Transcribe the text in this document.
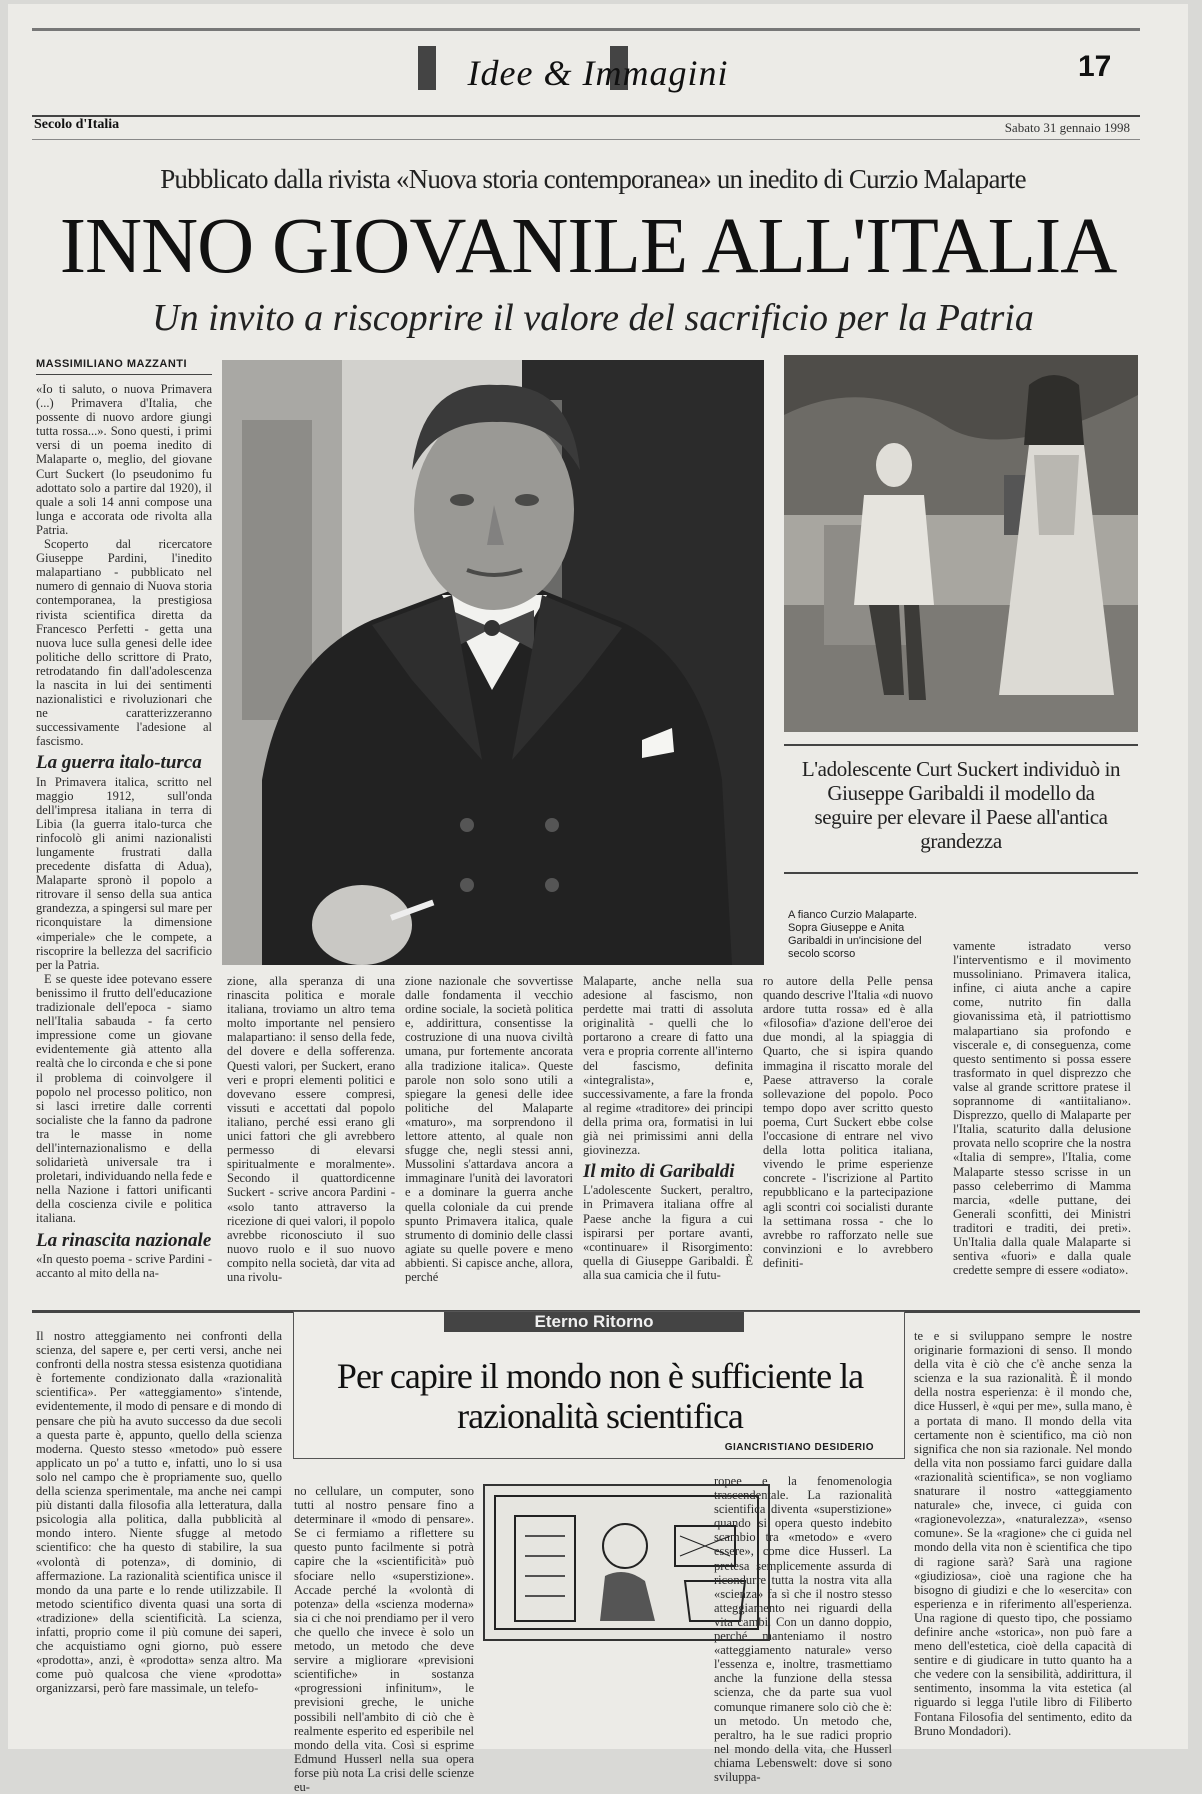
Idee & Immagini	17
Secolo d'Italia	Sabato 31 gennaio 1998
Pubblicato dalla rivista «Nuova storia contemporanea» un inedito di Curzio Malaparte
INNO GIOVANILE ALL'ITALIA
Un invito a riscoprire il valore del sacrificio per la Patria
MASSIMILIANO MAZZANTI

«Io ti saluto, o nuova Primavera (...) Primavera d'Italia, che possente di nuovo ardore giungi tutta rossa...». Sono questi, i primi versi di un poema inedito di Malaparte o, meglio, del giovane Curt Suckert (lo pseudonimo fu adottato solo a partire dal 1920), il quale a soli 14 anni compose una lunga e accorata ode rivolta alla Patria.

Scoperto dal ricercatore Giuseppe Pardini, l'inedito malapartiano - pubblicato nel numero di gennaio di Nuova storia contemporanea, la prestigiosa rivista scientifica diretta da Francesco Perfetti - getta una nuova luce sulla genesi delle idee politiche dello scrittore di Prato, retrodatando fin dall'adolescenza la nascita in lui dei sentimenti nazionalistici e rivoluzionari che ne caratterizzeranno successivamente l'adesione al fascismo.

La guerra italo-turca

In Primavera italica, scritto nel maggio 1912, sull'onda dell'impresa italiana in terra di Libia (la guerra italo-turca che rinfocolò gli animi nazionalisti lungamente frustrati dalla precedente disfatta di Adua), Malaparte spronò il popolo a ritrovare il senso della sua antica grandezza, a spingersi sul mare per riconquistare la dimensione «imperiale» che le compete, a riscoprire la bellezza del sacrificio per la Patria.

E se queste idee potevano essere benissimo il frutto dell'educazione tradizionale dell'epoca - siamo nell'Italia sabauda - fa certo impressione come un giovane evidentemente già attento alla realtà che lo circonda e che si pone il problema di coinvolgere il popolo nel processo politico, non si lasci irretire dalle correnti socialiste che la fanno da padrone tra le masse in nome dell'internazionalismo e della solidarietà universale tra i proletari, individuando nella fede e nella Nazione i fattori unificanti della coscienza civile e politica italiana.

La rinascita nazionale

«In questo poema - scrive Pardini - accanto al mito della na-

L'adolescente Curt Suckert individuò in Giuseppe Garibaldi il modello da seguire per elevare il Paese all'antica grandezza
A fianco Curzio Malaparte. Sopra Giuseppe e Anita Garibaldi in un'incisione del secolo scorso

zione, alla speranza di una rinascita politica e morale italiana, troviamo un altro tema molto importante nel pensiero malapartiano: il senso della fede, del dovere e della sofferenza. Questi valori, per Suckert, erano veri e propri elementi politici e dovevano essere compresi, vissuti e accettati dal popolo italiano, perché essi erano gli unici fattori che gli avrebbero permesso di elevarsi spiritualmente e moralmente». Secondo il quattordicenne Suckert - scrive ancora Pardini - «solo tanto attraverso la ricezione di quei valori, il popolo avrebbe riconosciuto il suo nuovo ruolo e il suo nuovo compito nella società, dar vita ad una rivolu-

zione nazionale che sovvertisse dalle fondamenta il vecchio ordine sociale, la società politica e, addirittura, consentisse la costruzione di una nuova civiltà umana, pur fortemente ancorata alla tradizione italica». Queste parole non solo sono utili a spiegare la genesi delle idee politiche del Malaparte «maturo», ma sorprendono il lettore attento, al quale non sfugge che, negli stessi anni, Mussolini s'attardava ancora a immaginare l'unità dei lavoratori e a dominare la guerra anche quella coloniale da cui prende spunto Primavera italica, quale strumento di dominio delle classi agiate su quelle povere e meno abbienti. Si capisce anche, allora, perché

Malaparte, anche nella sua adesione al fascismo, non perdette mai tratti di assoluta originalità - quelli che lo portarono a creare di fatto una vera e propria corrente all'interno del fascismo, definita «integralista», e, successivamente, a fare la fronda al regime «traditore» dei principi della prima ora, formatisi in lui già nei primissimi anni della giovinezza.

Il mito di Garibaldi

L'adolescente Suckert, peraltro, in Primavera italiana offre al Paese anche la figura a cui ispirarsi per portare avanti, «continuare» il Risorgimento: quella di Giuseppe Garibaldi. È alla sua camicia che il futu-

ro autore della Pelle pensa quando descrive l'Italia «di nuovo ardore tutta rossa» ed è alla «filosofia» d'azione dell'eroe dei due mondi, al la spiaggia di Quarto, che si ispira quando immagina il riscatto morale del Paese attraverso la corale sollevazione del popolo. Poco tempo dopo aver scritto questo poema, Curt Suckert ebbe colse l'occasione di entrare nel vivo della lotta politica italiana, vivendo le prime esperienze concrete - l'iscrizione al Partito repubblicano e la partecipazione agli scontri coi socialisti durante la settimana rossa - che lo avrebbe ro rafforzato nelle sue convinzioni e lo avrebbero definiti-

vamente istradato verso l'interventismo e il movimento mussoliniano. Primavera italica, infine, ci aiuta anche a capire come, nutrito fin dalla giovanissima età, il patriottismo malapartiano sia profondo e viscerale e, di conseguenza, come questo sentimento si possa essere trasformato in quel disprezzo che valse al grande scrittore pratese il soprannome di «antiitaliano». Disprezzo, quello di Malaparte per l'Italia, scaturito dalla delusione provata nello scoprire che la nostra «Italia di sempre», l'Italia, come Malaparte stesso scrisse in un passo celeberrimo di Mamma marcia, «delle puttane, dei Generali sconfitti, dei Ministri traditori e traditi, dei preti». Un'Italia dalla quale Malaparte si sentiva «fuori» e dalla quale credette sempre di essere «odiato».

Eterno Ritorno
Per capire il mondo non è sufficiente la razionalità scientifica
GIANCRISTIANO DESIDERIO

Il nostro atteggiamento nei confronti della scienza, del sapere e, per certi versi, anche nei confronti della nostra stessa esistenza quotidiana è fortemente condizionato dalla «razionalità scientifica». Per «atteggiamento» s'intende, evidentemente, il modo di pensare e di mondo di pensare che più ha avuto successo da due secoli a questa parte è, appunto, quello della scienza moderna. Questo stesso «metodo» può essere applicato un po' a tutto e, infatti, uno lo si usa solo nel campo che è propriamente suo, quello della scienza sperimentale, ma anche nei campi più distanti dalla filosofia alla letteratura, dalla psicologia alla politica, dalla pubblicità al mondo intero. Niente sfugge al metodo scientifico: che ha questo di stabilire, la sua «volontà di potenza», di dominio, di affermazione. La razionalità scientifica unisce il mondo da una parte e lo rende utilizzabile. Il metodo scientifico diventa quasi una sorta di «tradizione» della scientificità. La scienza, infatti, proprio come il più comune dei saperi, che acquistiamo ogni giorno, può essere «prodotta», anzi, è «prodotta» senza altro. Ma come può qualcosa che viene «prodotta» organizzarsi, però fare massimale, un telefo-

no cellulare, un computer, sono tutti al nostro pensare fino a determinare il «modo di pensare». Se ci fermiamo a riflettere su questo punto facilmente si potrà capire che la «scientificità» può sfociare nello «superstizione». Accade perché la «volontà di potenza» della «scienza moderna» sia ci che noi prendiamo per il vero che quello che invece è solo un metodo, un metodo che deve servire a migliorare «previsioni scientifiche» in sostanza «progressioni infinitum», le previsioni greche, le uniche possibili nell'ambito di ciò che è realmente esperito ed esperibile nel mondo della vita. Così si esprime Edmund Husserl nella sua opera forse più nota La crisi delle scienze eu-

ropee e la fenomenologia trascendentale. La razionalità scientifica diventa «superstizione» quando si opera questo indebito scambio tra «metodo» e «vero essere», come dice Husserl. La pretesa semplicemente assurda di ricondurre tutta la nostra vita alla «scienza» fa sì che il nostro stesso atteggiamento nei riguardi della vita cambi. Con un danno doppio, perché manteniamo il nostro «atteggiamento naturale» verso l'essenza e, inoltre, trasmettiamo anche la funzione della stessa scienza, che da parte sua vuol comunque rimanere solo ciò che è: un metodo. Un metodo che, peraltro, ha le sue radici proprio nel mondo della vita, che Husserl chiama Lebenswelt: dove si sono sviluppa-

te e si sviluppano sempre le nostre originarie formazioni di senso. Il mondo della vita è ciò che c'è anche senza la scienza e la sua razionalità. È il mondo della nostra esperienza: è il mondo che, dice Husserl, è «qui per me», sulla mano, è a portata di mano. Il mondo della vita certamente non è scientifico, ma ciò non significa che non sia razionale. Nel mondo della vita non possiamo farci guidare dalla «razionalità scientifica», se non vogliamo snaturare il nostro «atteggiamento naturale» che, invece, ci guida con «ragionevolezza», «naturalezza», «senso comune». Se la «ragione» che ci guida nel mondo della vita non è scientifica che tipo di ragione sarà? Sarà una ragione «giudiziosa», cioè una ragione che ha bisogno di giudizi e che lo «esercita» con esperienza e in riferimento all'esperienza. Una ragione di questo tipo, che possiamo definire anche «storica», non può fare a meno dell'estetica, cioè della capacità di sentire e di giudicare in tutto quanto ha a che vedere con la sensibilità, addirittura, il sentimento, insomma la vita estetica (al riguardo si legga l'utile libro di Filiberto Fontana Filosofia del sentimento, edito da Bruno Mondadori).
